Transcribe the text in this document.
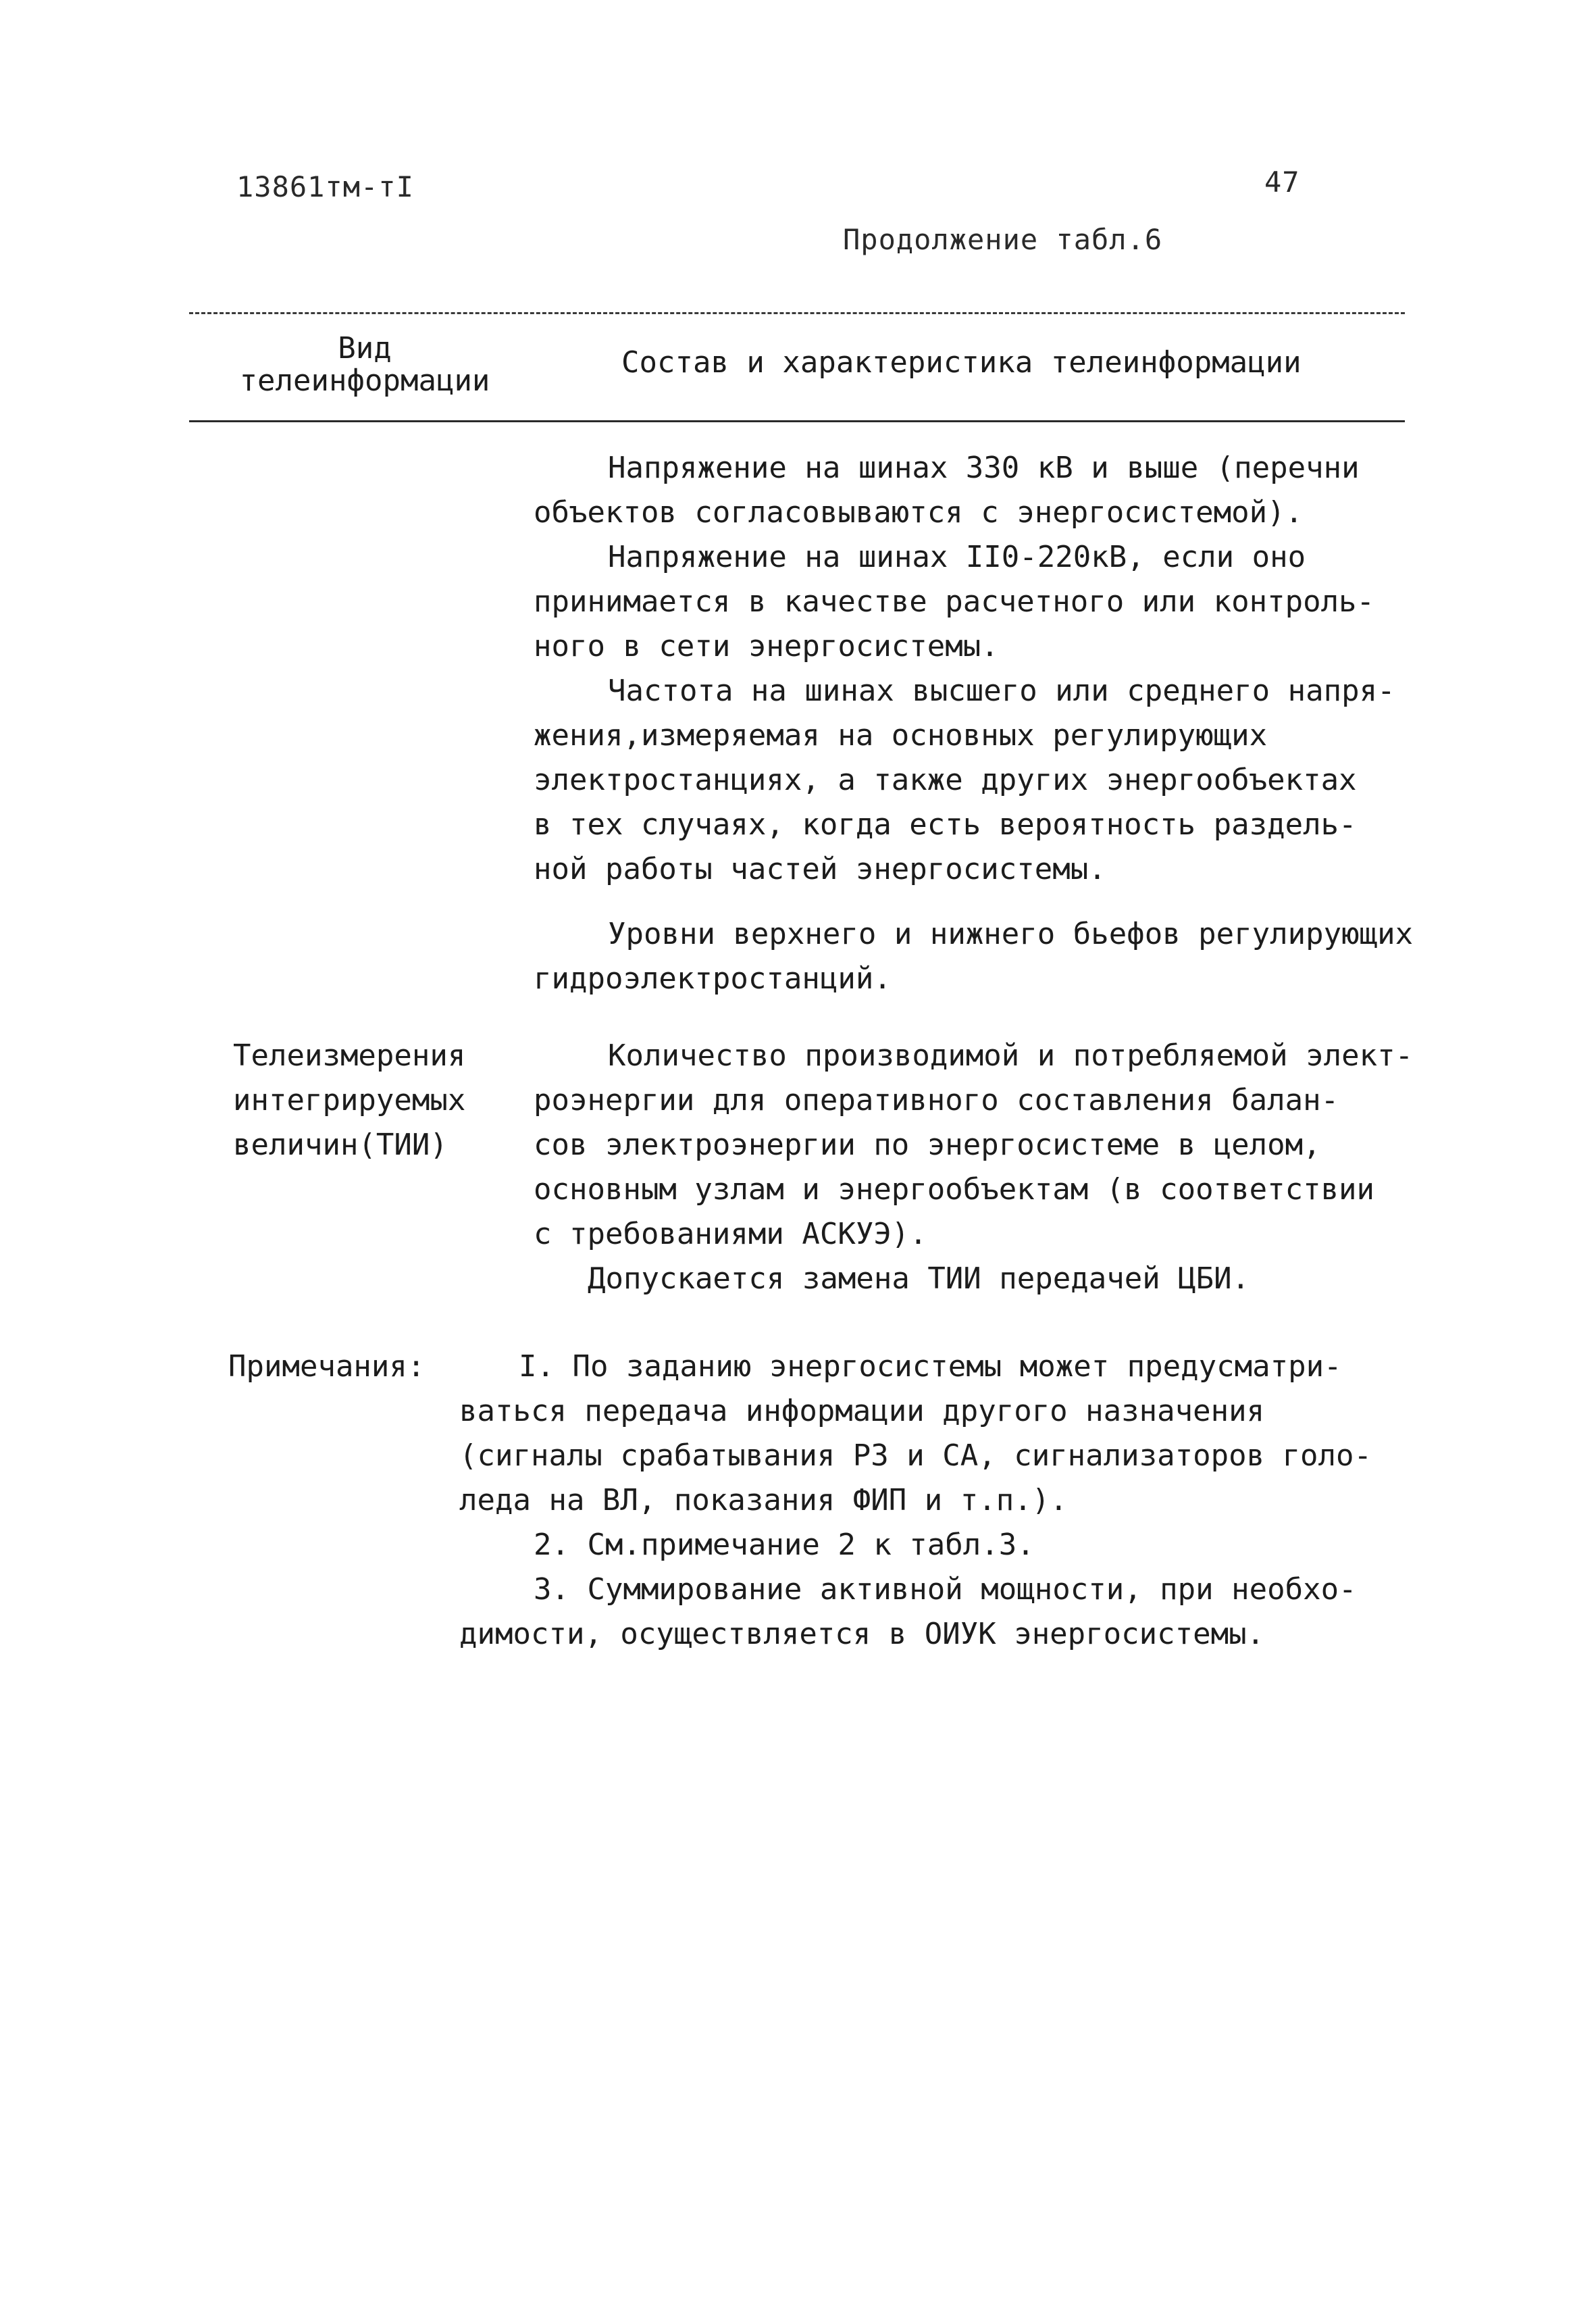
13861тм-тI	47
Продолжение табл.6
Вид
телеинформации
Состав и характеристика телеинформации
Напряжение на шинах 330 кВ и выше (перечни
объектов согласовываются с энергосистемой).
Напряжение на шинах II0-220кВ, если оно
принимается в качестве расчетного или контроль-
ного в сети энергосистемы.
Частота на шинах высшего или среднего напря-
жения,измеряемая на основных регулирующих
электростанциях, а также других энергообъектах
в тех случаях, когда есть вероятность раздель-
ной работы частей энергосистемы.
Уровни верхнего и нижнего бьефов регулирующих
гидроэлектростанций.
Телеизмерения
интегрируемых
величин(ТИИ)
Количество производимой и потребляемой элект-
роэнергии для оперативного составления балан-
сов электроэнергии по энергосистеме в целом,
основным узлам и энергообъектам (в соответствии
с требованиями АСКУЭ).
Допускается замена ТИИ передачей ЦБИ.
Примечания:	I. По заданию энергосистемы может предусматри-
ваться передача информации другого назначения
(сигналы срабатывания РЗ и СА, сигнализаторов голо-
леда на ВЛ, показания ФИП и т.п.).
2. См.примечание 2 к табл.3.
3. Суммирование активной мощности, при необхо-
димости, осуществляется в ОИУК энергосистемы.
